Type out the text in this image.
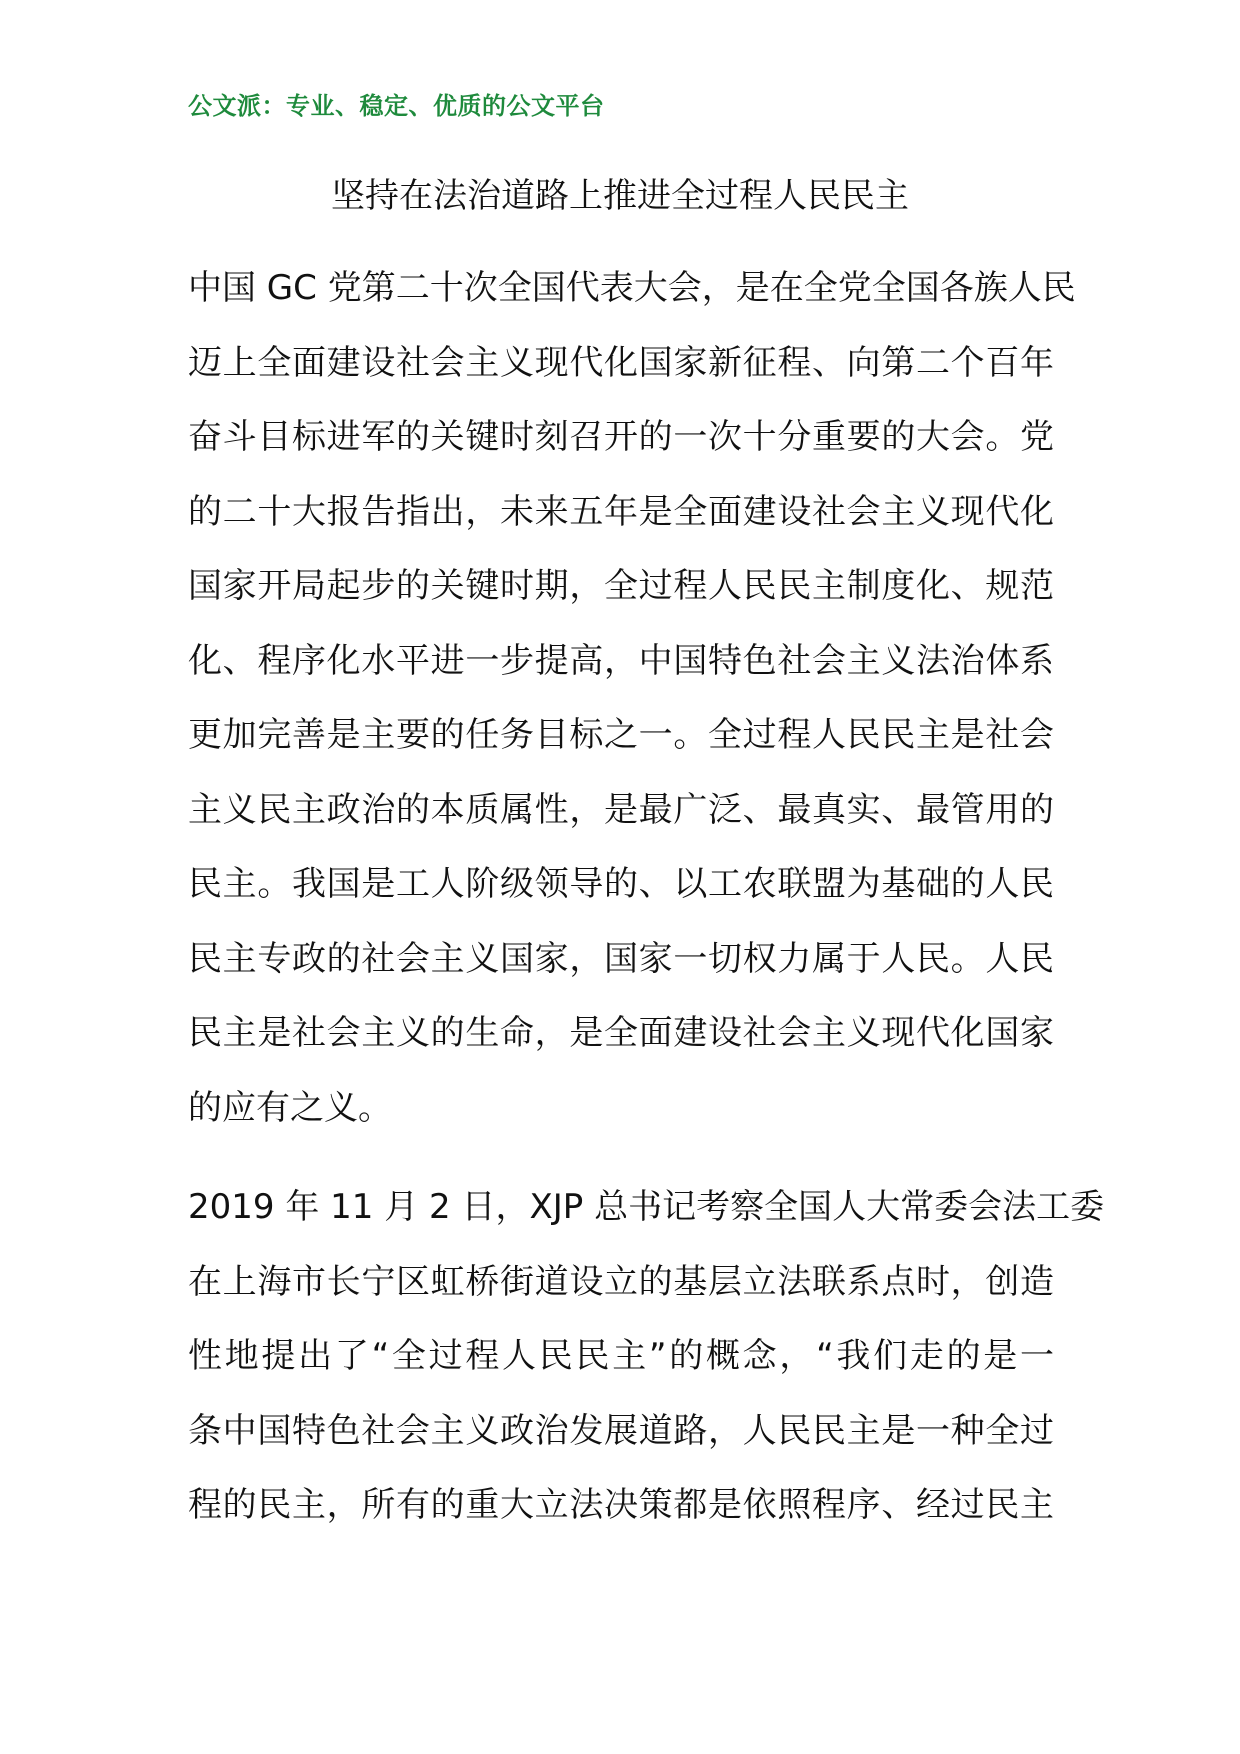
公文派：专业、稳定、优质的公文平台
坚持在法治道路上推进全过程人民民主
中国 GC 党第二十次全国代表大会，是在全党全国各族人民
迈上全面建设社会主义现代化国家新征程、向第二个百年
奋斗目标进军的关键时刻召开的一次十分重要的大会。党
的二十大报告指出，未来五年是全面建设社会主义现代化
国家开局起步的关键时期，全过程人民民主制度化、规范
化、程序化水平进一步提高，中国特色社会主义法治体系
更加完善是主要的任务目标之一。全过程人民民主是社会
主义民主政治的本质属性，是最广泛、最真实、最管用的
民主。我国是工人阶级领导的、以工农联盟为基础的人民
民主专政的社会主义国家，国家一切权力属于人民。人民
民主是社会主义的生命，是全面建设社会主义现代化国家
的应有之义。
2019 年 11 月 2 日，XJP 总书记考察全国人大常委会法工委
在上海市长宁区虹桥街道设立的基层立法联系点时，创造
性地提出了“全过程人民民主”的概念，“我们走的是一
条中国特色社会主义政治发展道路，人民民主是一种全过
程的民主，所有的重大立法决策都是依照程序、经过民主
